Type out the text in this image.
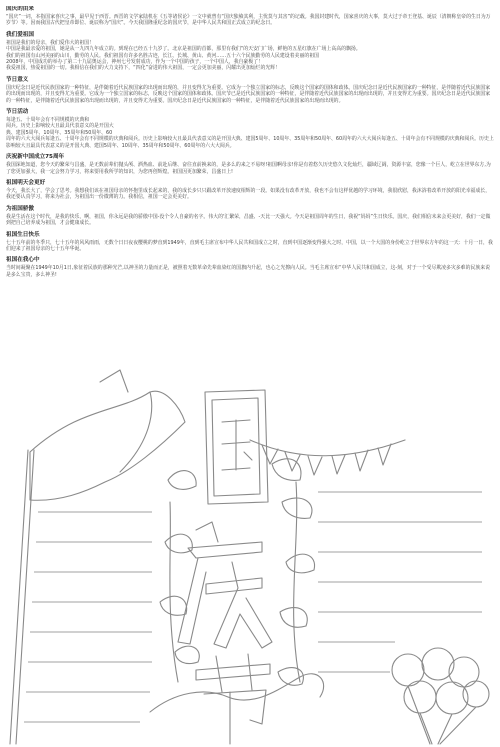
国庆的由来

“国庆”一词，本指国家喜庆之事，最早见于西晋。西晋的文学家陆机在《五等诸侯论》一文中就曾有“国庆独飨其利，主忧莫与其害”的记载。我国封建时代，国家喜庆的大事，莫大过于帝王登基、诞辰（清朝称皇帝的生日为万岁节）等。因而我国古代把皇帝即位、诞辰称为“国庆”。今天我国隆重纪念的国庆节，是中华人民共和国正式成立的纪念日。

我们爱祖国

祖国是我们的母亲，我们爱伟大的祖国！
中国是我最亲爱的祖国，她是从一九四九年成立的。到现在已经五十九岁了。北京是祖国的首都，那里有我们“的天安门广场，鲜艳的五星红旗在广场上高高的飘扬。
我们的祖国有山河美丽的山川，勤劳的人民。我们祖国有许多名胜古迹，长江、长城、黄山、黄河……五十六个民族勤劳的人民建设着美丽的祖国
2008年，中国成功的举办了第二十九届奥运会，神州七号发射成功，作为一个中国的孩子，一个中国人，我自豪极了！
我爱祖国，热爱祖国的一切。我相信在我们的大力支持下，“四化”奋进的伟大祖国，一定会更加美丽，闪耀出更加灿烂的光辉！

节日意义

国庆纪念日是近代民族国家的一种特征，是伴随着近代民族国家的出现而出现的，并且变得尤为重要。它成为一个独立国家的标志，反映这个国家的国体和政体。国庆纪念日是近代民族国家的一种特征，是伴随着近代民族国家的出现而出现的，并且变得尤为重要。它成为一个独立国家的标志，反映这个国家的国体和政体。国庆节已是近代民族国家的一种特征，是伴随着近代民族国家的出现而出现的，并且变得尤为重要。国庆纪念日是近代民族国家的一种特征，是伴随着近代民族国家的出现而出现的，并且变得尤为重要。国庆纪念日是近代民族国家的一种特征，是伴随着近代民族国家的出现而出现的。

节日活动

每逢五、十周年会有不同规模的庆典和
阅兵。历史上影响较大且最具代表意义的是开国大
典、建国5周年、10周年、35周年和50周年、60
周年的六大大阅兵每逢五、十周年会有不同规模的庆典和阅兵。历史上影响较大且最具代表意义的是开国大典、建国5周年、10周年、35周年和50周年、60周年的六大大阅兵每逢五、十周年会有不同规模的庆典和阅兵。历史上影响较大且最具代表意义的是开国大典、建国5周年、10周年、35周年和50周年、60周年的六大大阅兵。

庆祝新中国成立75周年

我国深地知道，您今天的繁荣与昌盛，是无数前辈们抛头颅、洒热血、前赴后继、奋往直前换来的，是多么的来之不易呀!祖国啊母亲!你是有着悠久历史悠久文化灿烂，疆域辽阔，资源丰富，您像一个巨人，屹立在世界东方,为了您更加强大，我一定会努力学习，将来要用我所学的知识，为您再创辉煌。祖国因更加繁荣，昌盛日上!

祖国明天会更好

今天，我长大了，学会了思考。我想我们该在祖国母亲的怀抱里成长起来的，我的成长步只只跟改革开放速度相辉的一段。如果没有改革开放，我也不会有这样优越的学习环境，我很欣慰，我沐浴着改革开放的阳光幸福成长，我还要认真学习，将来为社会，为祖国出一份微薄的力。我相信，祖国一定会更美好。

为祖国骄傲

我是生活在这个时代，是我的快乐，啊，祖国，你永远是我的骄傲中国-没个令人自豪的名字。伟大的'汇繁荣，昌盛、-天比一天强大。今天是祖国周年的生日，我祝“妈妈”生日快乐。国庆，我们相信未来会更美好，我们一定做到把自己培养成为祖国，才会健康成长。

祖国生日快乐

七十五年前的冬季只，七十五年的风风雨雨，无数个日日夜夜樱桃的梦直到1949年，直到毛主席宣布中华人民共和国成立之时，直到中国逐渐变得强大之时，中国，以一个大国的身份屹立于世界东方年的这一天：十月一日，我们迎来了祖国母亲的七十五年华诞。

祖国在我心中

当时间凝聚在1949年10月1日,象征着民族的那种光芒,以神圣的力量而正是，被照着无数革命先辈血染红的国旗内升起，也心之光擦向人民。当毛主席宣布“中华人民共和国成立，这-刻，对于一个受尽欺凌多灾多难的民族来说是多么宝贵，多么神圣!
